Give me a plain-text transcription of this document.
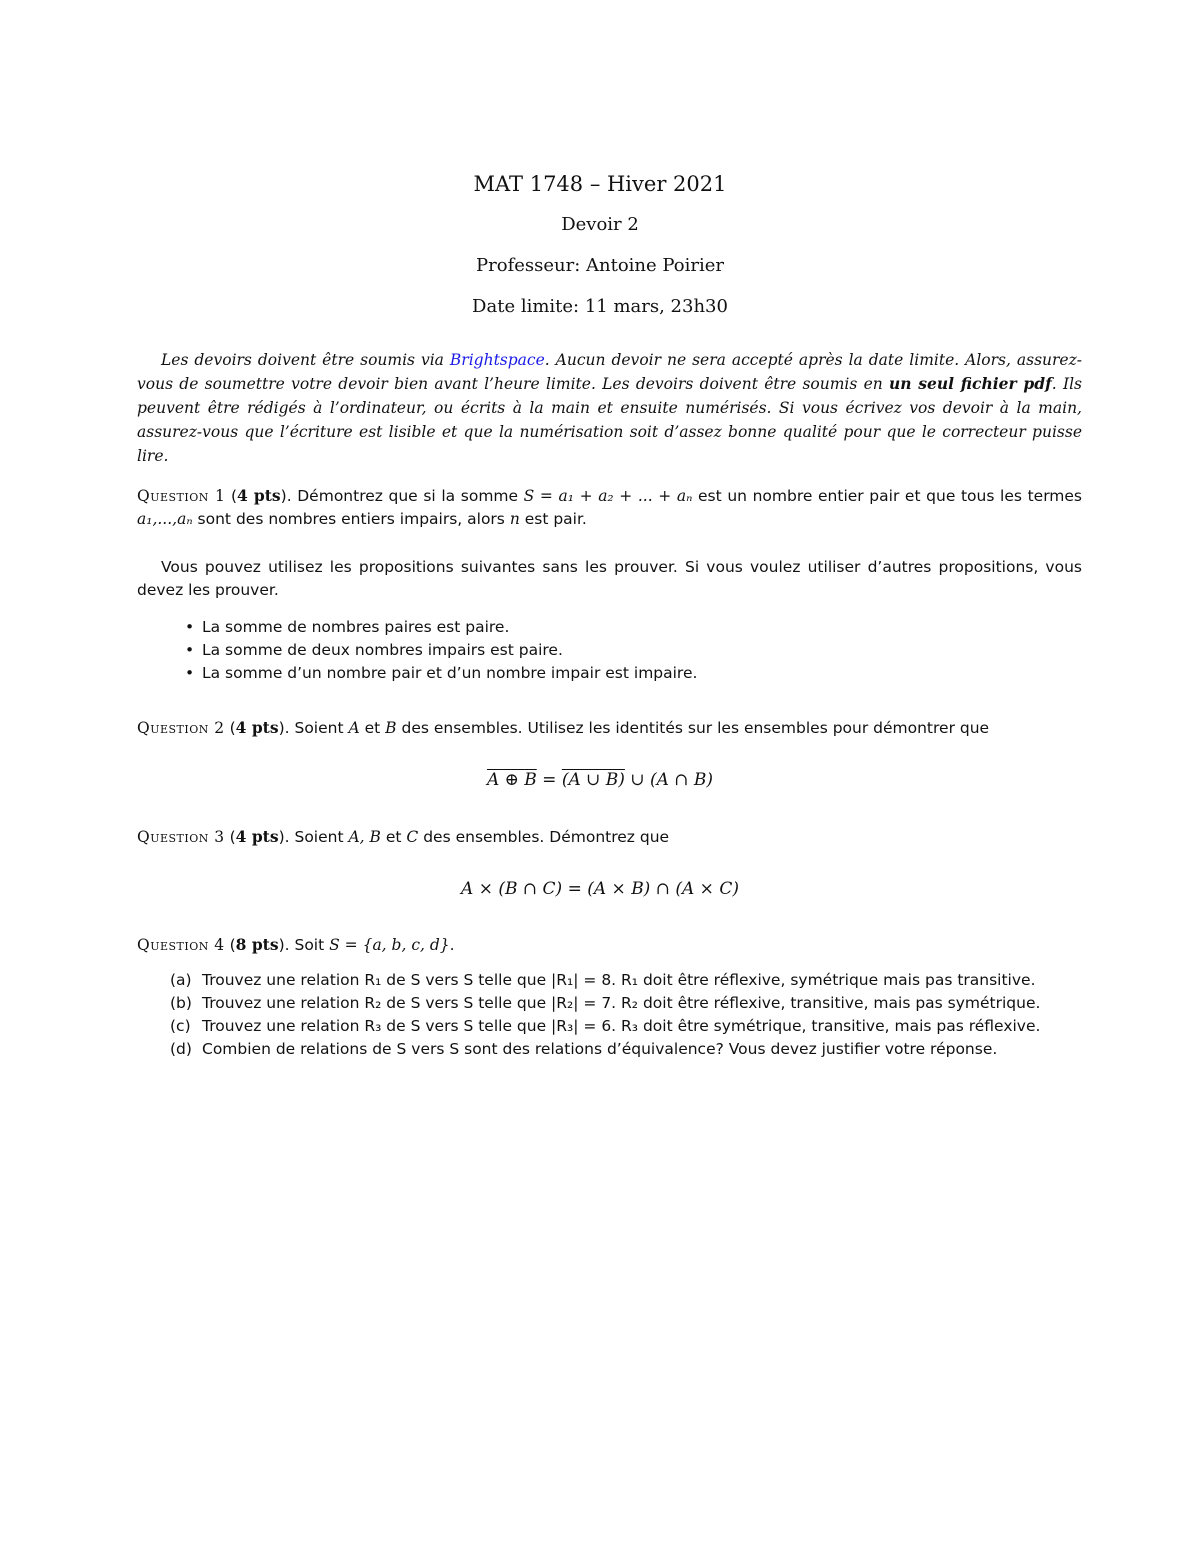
MAT 1748 – Hiver 2021
Devoir 2
Professeur: Antoine Poirier
Date limite: 11 mars, 23h30
Les devoirs doivent être soumis via Brightspace. Aucun devoir ne sera accepté après la date limite. Alors, assurez-vous de soumettre votre devoir bien avant l’heure limite. Les devoirs doivent être soumis en un seul fichier pdf. Ils peuvent être rédigés à l’ordinateur, ou écrits à la main et ensuite numérisés. Si vous écrivez vos devoir à la main, assurez-vous que l’écriture est lisible et que la numérisation soit d’assez bonne qualité pour que le correcteur puisse lire.
Question 1 (4 pts). Démontrez que si la somme S = a₁ + a₂ + ... + aₙ est un nombre entier pair et que tous les termes a₁,...,aₙ sont des nombres entiers impairs, alors n est pair.
Vous pouvez utilisez les propositions suivantes sans les prouver. Si vous voulez utiliser d’autres propositions, vous devez les prouver.
• La somme de nombres paires est paire.
• La somme de deux nombres impairs est paire.
• La somme d’un nombre pair et d’un nombre impair est impaire.
Question 2 (4 pts). Soient A et B des ensembles. Utilisez les identités sur les ensembles pour démontrer que
A ⊕ B = (A ∪ B) ∪ (A ∩ B)
Question 3 (4 pts). Soient A, B et C des ensembles. Démontrez que
A × (B ∩ C) = (A × B) ∩ (A × C)
Question 4 (8 pts). Soit S = {a, b, c, d}.
(a) Trouvez une relation R₁ de S vers S telle que |R₁| = 8. R₁ doit être réflexive, symétrique mais pas transitive.
(b) Trouvez une relation R₂ de S vers S telle que |R₂| = 7. R₂ doit être réflexive, transitive, mais pas symétrique.
(c) Trouvez une relation R₃ de S vers S telle que |R₃| = 6. R₃ doit être symétrique, transitive, mais pas réflexive.
(d) Combien de relations de S vers S sont des relations d’équivalence? Vous devez justifier votre réponse.
